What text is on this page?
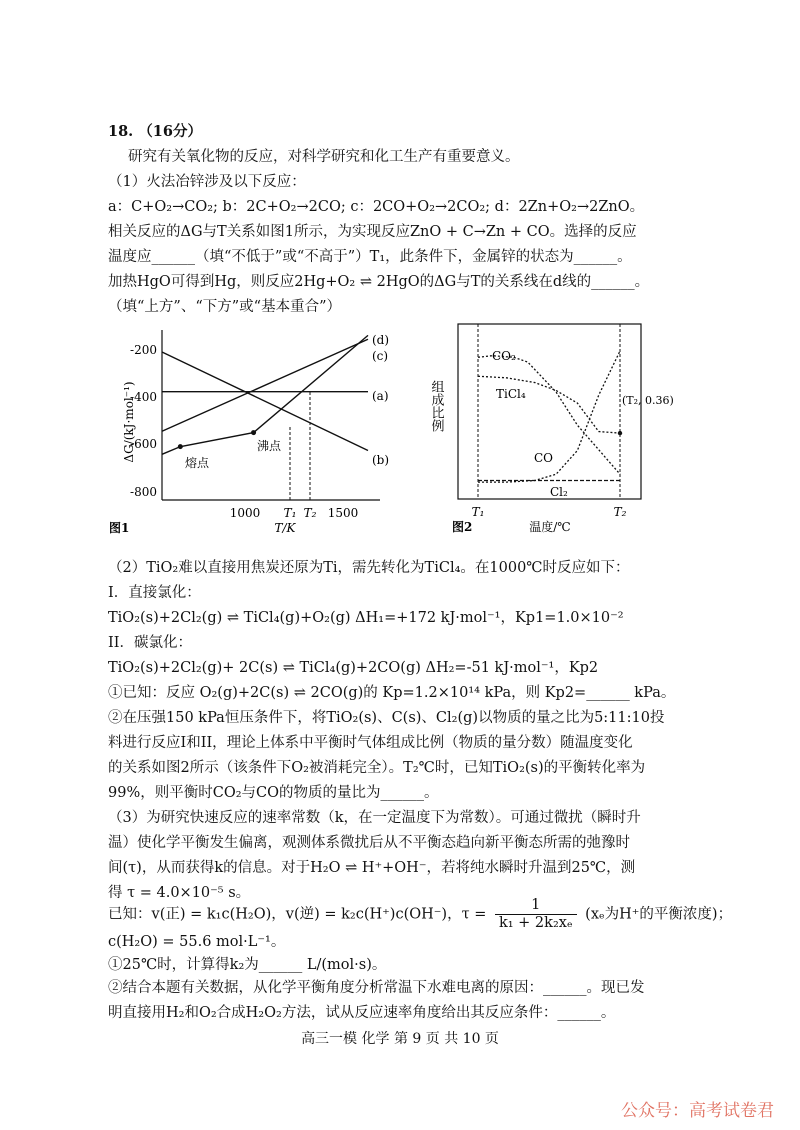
18. （16分）
研究有关氧化物的反应，对科学研究和化工生产有重要意义。
（1）火法冶锌涉及以下反应：
a：C+O₂→CO₂; b：2C+O₂→2CO; c：2CO+O₂→2CO₂; d：2Zn+O₂→2ZnO。
相关反应的ΔG与T关系如图1所示，为实现反应ZnO + C→Zn + CO。选择的反应
温度应______（填“不低于”或“不高于”）T₁，此条件下，金属锌的状态为______。
加热HgO可得到Hg，则反应2Hg+O₂ ⇌ 2HgO的ΔG与T的关系线在d线的______。
（填“上方”、“下方”或“基本重合”）
ΔG/(kJ·mol⁻¹)
-200
-400
-600
-800
1000 T₁ T₂ 1500
T/K
图1
(a)
(b)
(c)
(d)
熔点
沸点
组成比例
CO₂
TiCl₄
CO
Cl₂
(T₂, 0.36)
T₁	T₂
温度/℃
图2
（2）TiO₂难以直接用焦炭还原为Ti，需先转化为TiCl₄。在1000℃时反应如下：
I．直接氯化：
TiO₂(s)+2Cl₂(g) ⇌ TiCl₄(g)+O₂(g) ΔH₁=+172 kJ·mol⁻¹，Kp1=1.0×10⁻²
II．碳氯化：
TiO₂(s)+2Cl₂(g)+ 2C(s) ⇌ TiCl₄(g)+2CO(g) ΔH₂=-51 kJ·mol⁻¹，Kp2
①已知：反应 O₂(g)+2C(s) ⇌ 2CO(g)的 Kp=1.2×10¹⁴ kPa，则 Kp2=______ kPa。
②在压强150 kPa恒压条件下，将TiO₂(s)、C(s)、Cl₂(g)以物质的量之比为5:11:10投
料进行反应I和II，理论上体系中平衡时气体组成比例（物质的量分数）随温度变化
的关系如图2所示（该条件下O₂被消耗完全）。T₂℃时，已知TiO₂(s)的平衡转化率为
99%，则平衡时CO₂与CO的物质的量比为______。
（3）为研究快速反应的速率常数（k，在一定温度下为常数）。可通过微扰（瞬时升
温）使化学平衡发生偏离，观测体系微扰后从不平衡态趋向新平衡态所需的弛豫时
间(τ)，从而获得k的信息。对于H₂O ⇌ H⁺+OH⁻，若将纯水瞬时升温到25℃，测
得 τ = 4.0×10⁻⁵ s。
已知：v(正) = k₁c(H₂O)，v(逆) = k₂c(H⁺)c(OH⁻)，$\tau = \frac{1}{\text{k₁ + 2k₂xₑ}} (x_e$为H⁺的平衡浓度)；
c(H₂O) = 55.6 mol·L⁻¹。
①25℃时，计算得k₂为______ L/(mol·s)。
②结合本题有关数据，从化学平衡角度分析常温下水难电离的原因：______。现已发
高三一模 化学 第 9 页 共 10 页
公众号：高考试卷君
明直接用H₂和O₂合成H₂O₂方法，试从反应速率角度给出其反应条件：______。
